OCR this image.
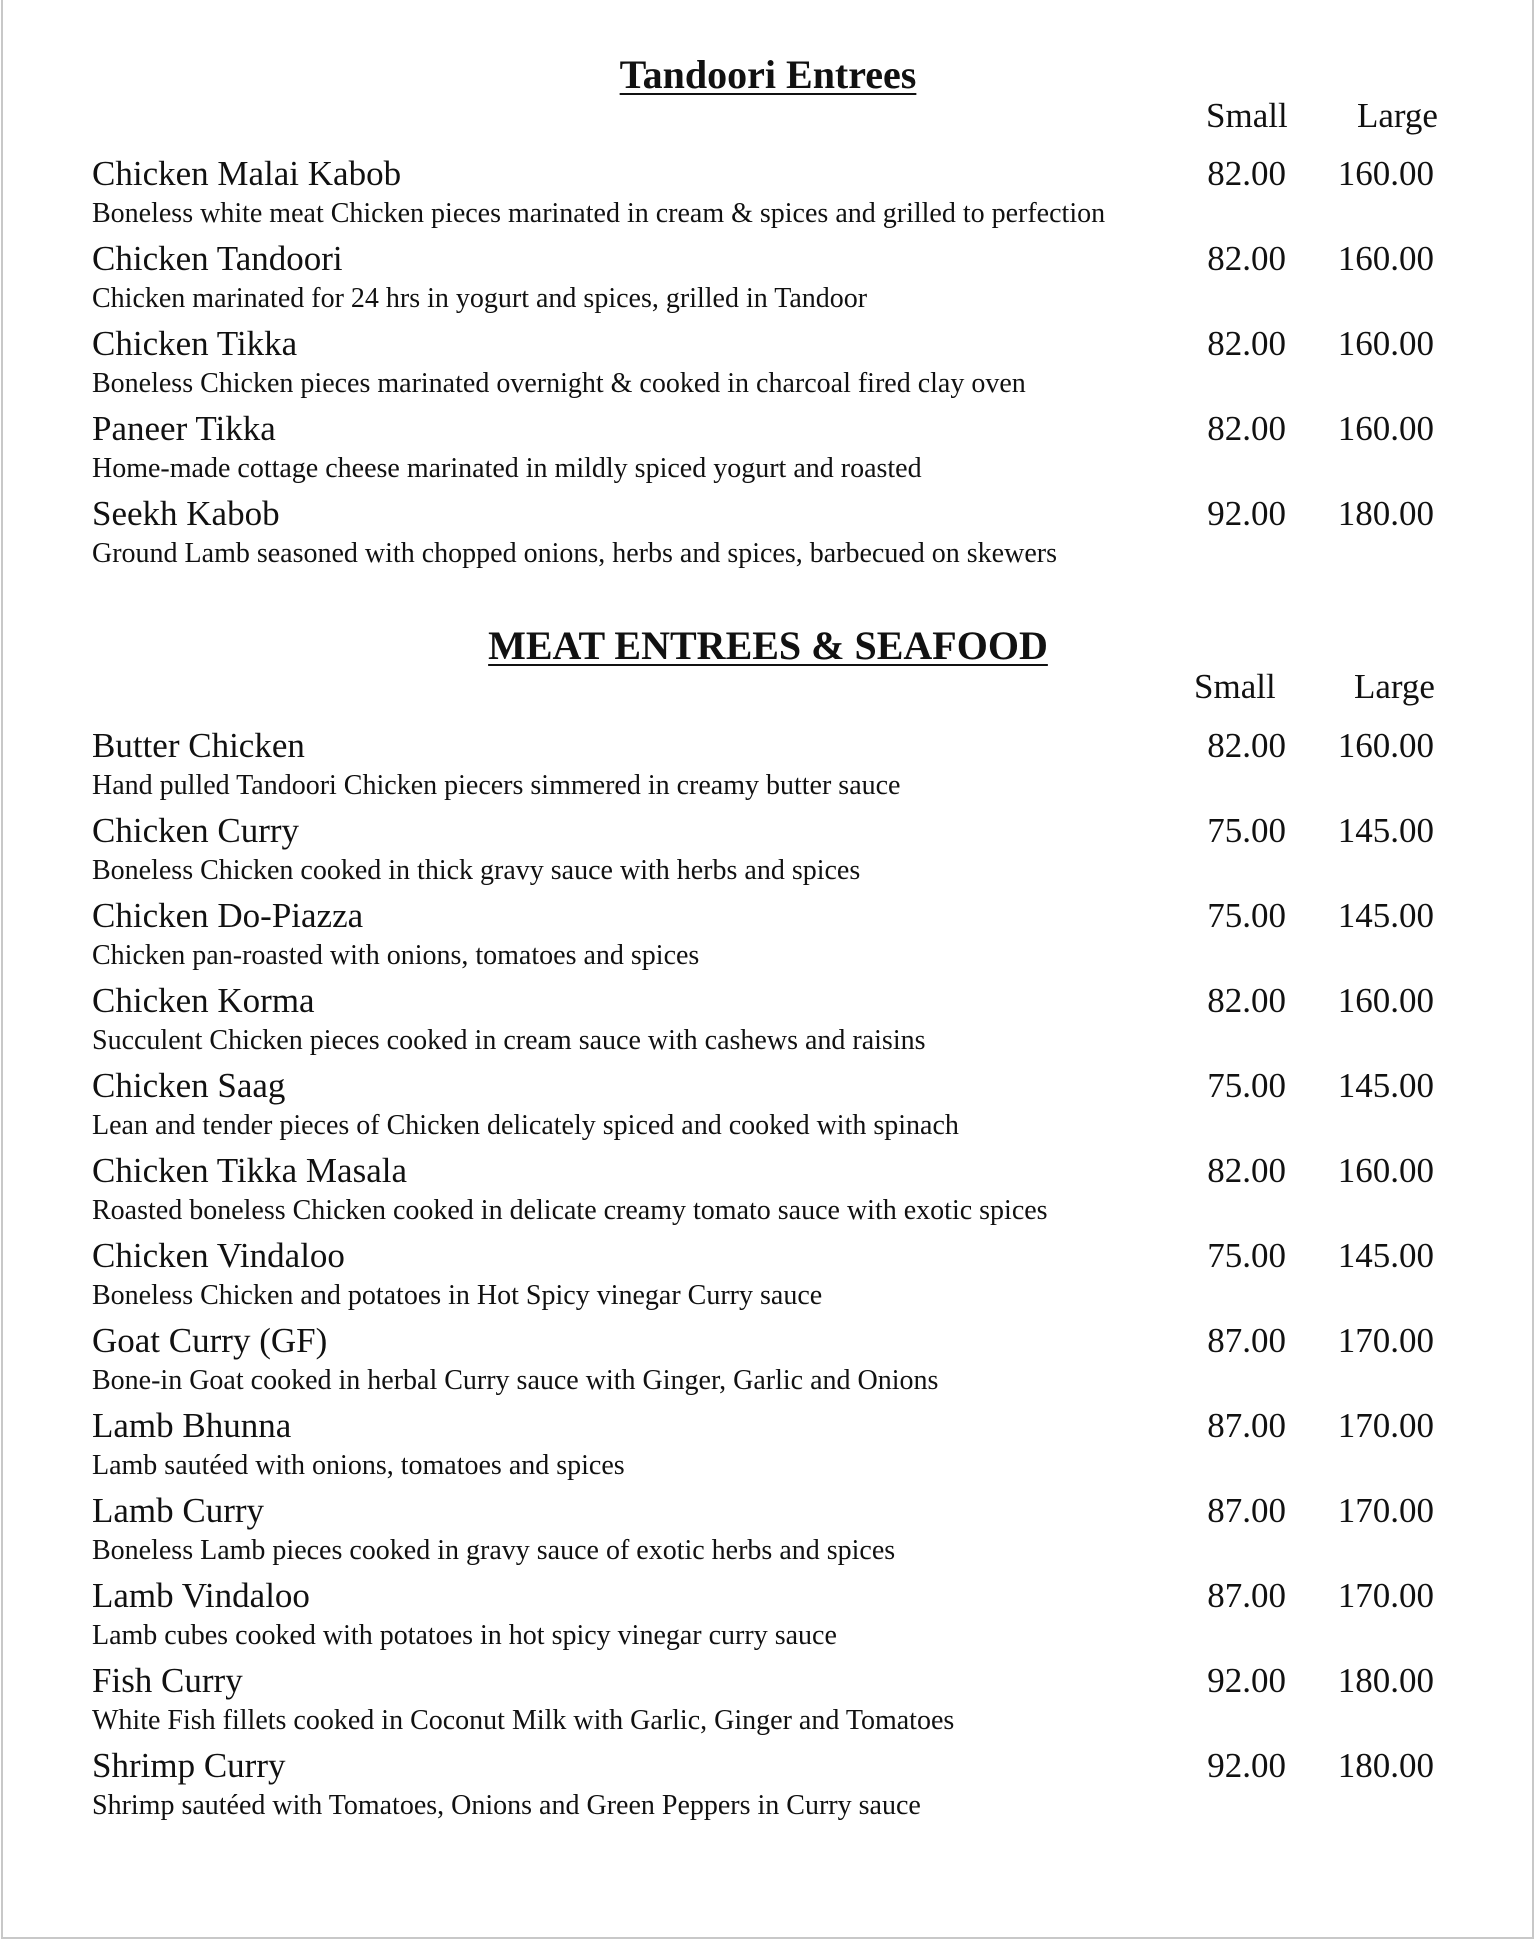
Tandoori Entrees
Small Large
Chicken Malai Kabob
Boneless white meat Chicken pieces marinated in cream & spices and grilled to perfection
82.00 160.00
Chicken Tandoori
Chicken marinated for 24 hrs in yogurt and spices, grilled in Tandoor
82.00 160.00
Chicken Tikka
Boneless Chicken pieces marinated overnight & cooked in charcoal fired clay oven
82.00 160.00
Paneer Tikka
Home-made cottage cheese marinated in mildly spiced yogurt and roasted
82.00 160.00
Seekh Kabob
Ground Lamb seasoned with chopped onions, herbs and spices, barbecued on skewers
92.00 180.00
MEAT ENTREES & SEAFOOD
Small Large
Butter Chicken
Hand pulled Tandoori Chicken piecers simmered in creamy butter sauce
82.00 160.00
Chicken Curry
Boneless Chicken cooked in thick gravy sauce with herbs and spices
75.00 145.00
Chicken Do-Piazza
Chicken pan-roasted with onions, tomatoes and spices
75.00 145.00
Chicken Korma
Succulent Chicken pieces cooked in cream sauce with cashews and raisins
82.00 160.00
Chicken Saag
Lean and tender pieces of Chicken delicately spiced and cooked with spinach
75.00 145.00
Chicken Tikka Masala
Roasted boneless Chicken cooked in delicate creamy tomato sauce with exotic spices
82.00 160.00
Chicken Vindaloo
Boneless Chicken and potatoes in Hot Spicy vinegar Curry sauce
75.00 145.00
Goat Curry (GF)
Bone-in Goat cooked in herbal Curry sauce with Ginger, Garlic and Onions
87.00 170.00
Lamb Bhunna
Lamb sautéed with onions, tomatoes and spices
87.00 170.00
Lamb Curry
Boneless Lamb pieces cooked in gravy sauce of exotic herbs and spices
87.00 170.00
Lamb Vindaloo
Lamb cubes cooked with potatoes in hot spicy vinegar curry sauce
87.00 170.00
Fish Curry
White Fish fillets cooked in Coconut Milk with Garlic, Ginger and Tomatoes
92.00 180.00
Shrimp Curry
Shrimp sautéed with Tomatoes, Onions and Green Peppers in Curry sauce
92.00 180.00
